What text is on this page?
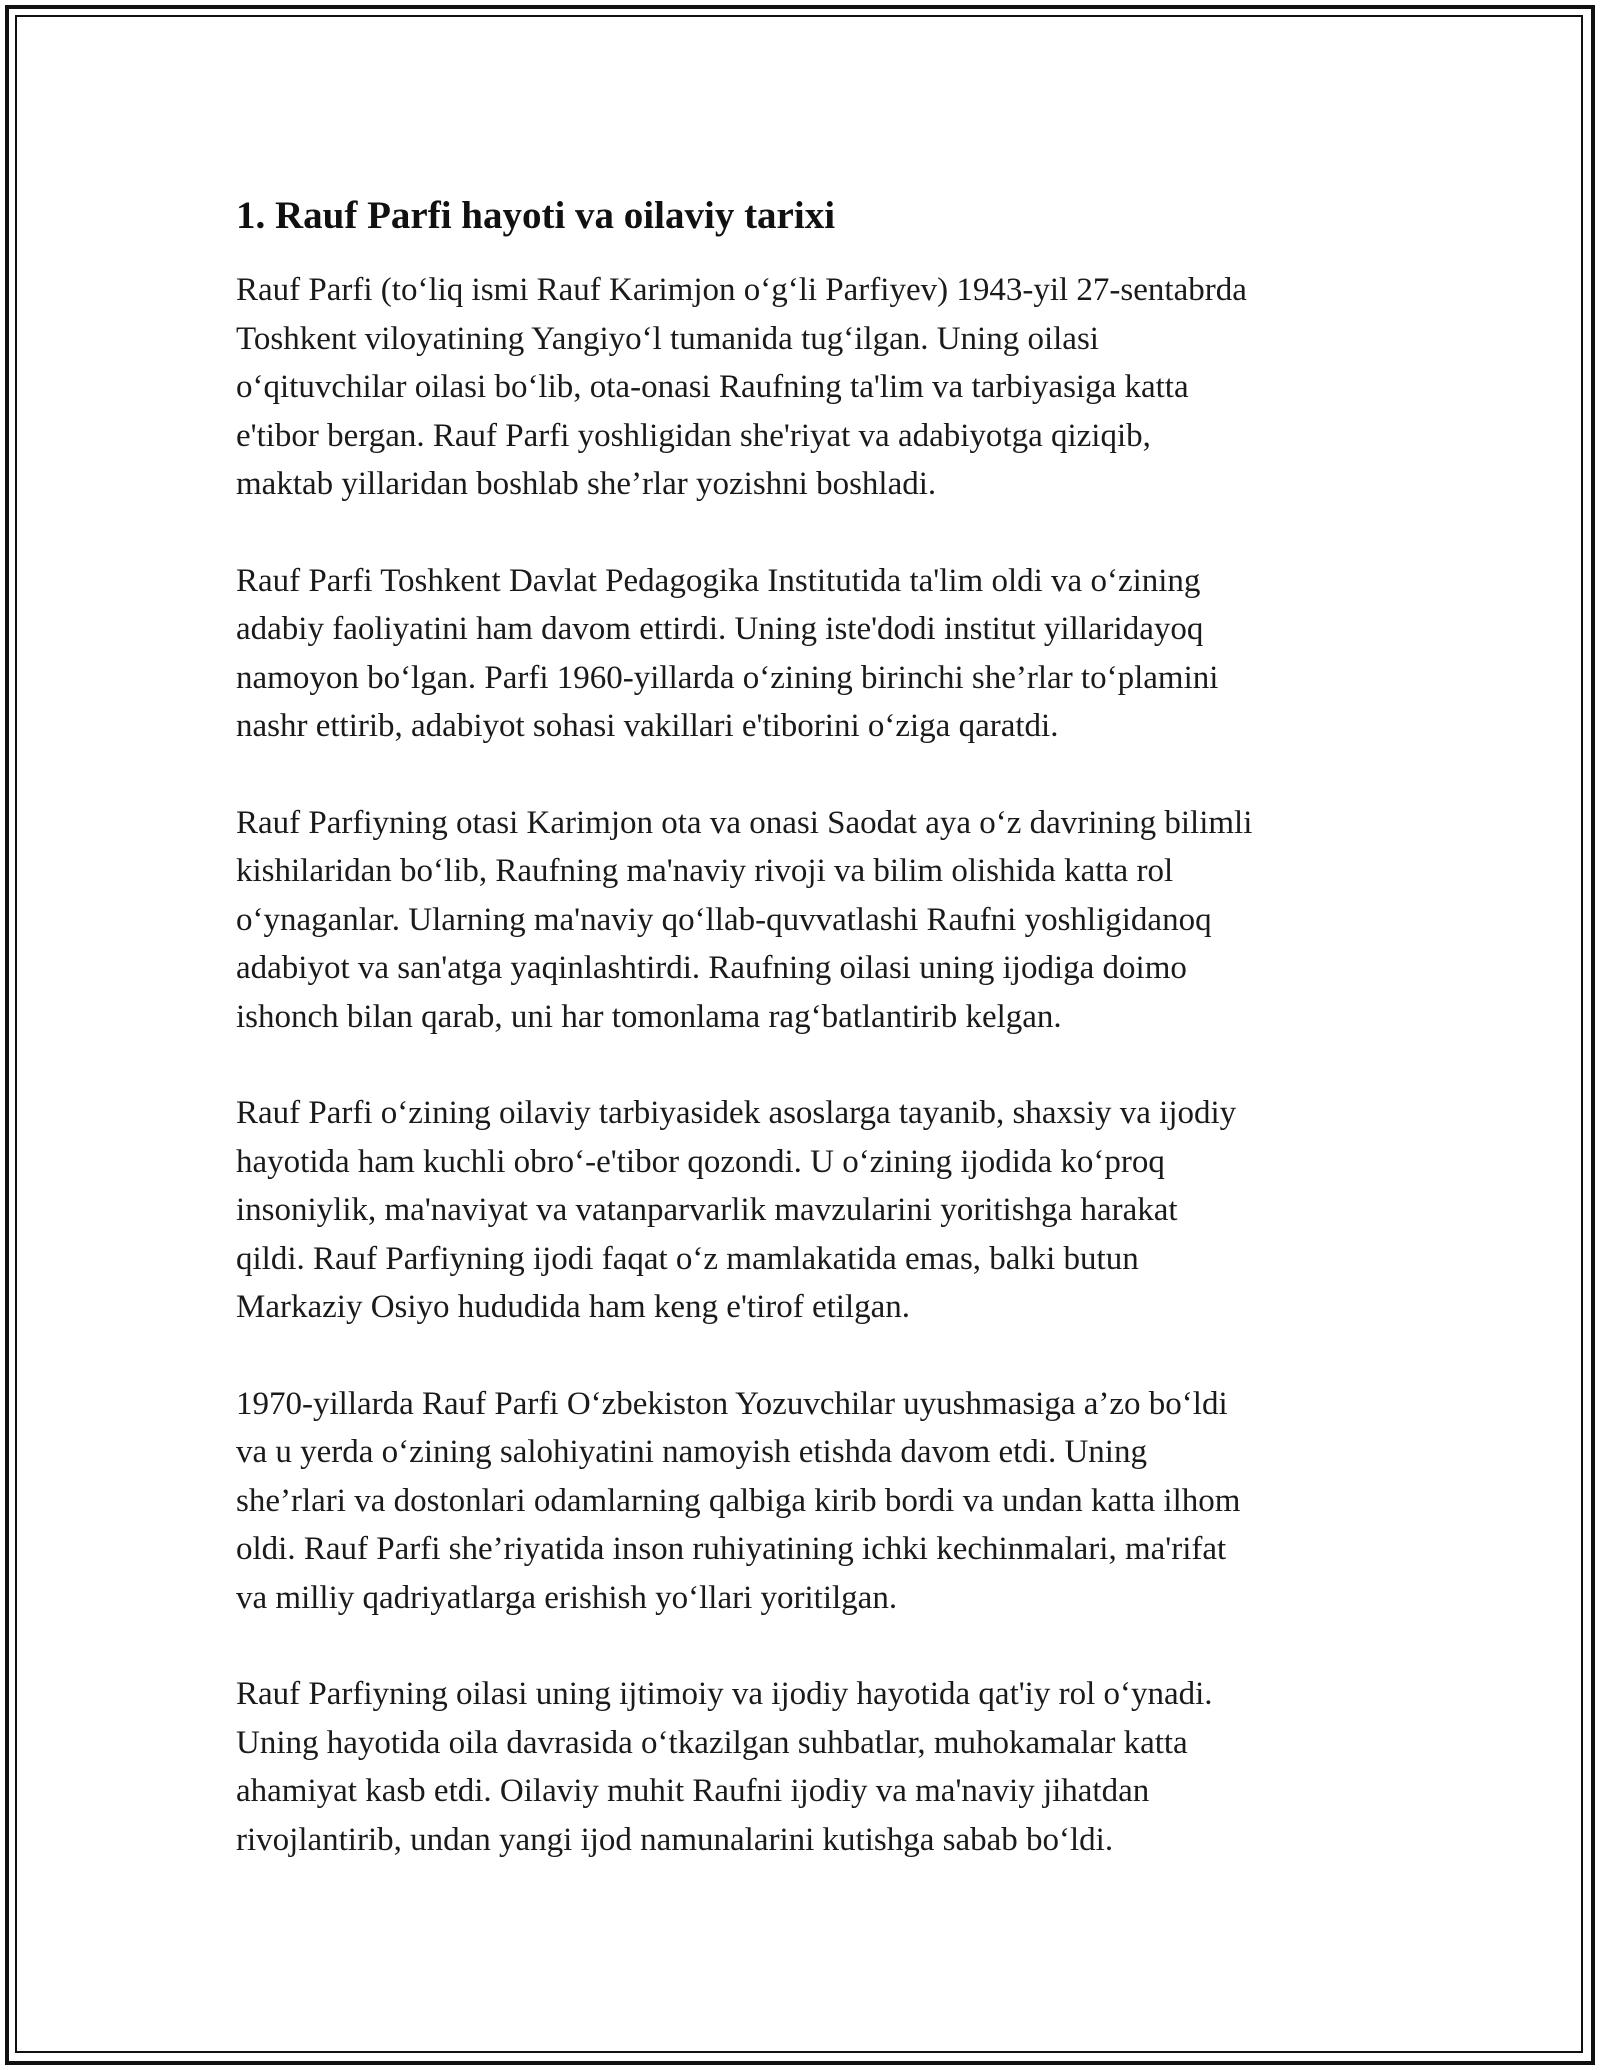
1. Rauf Parfi hayoti va oilaviy tarixi

Rauf Parfi (to‘liq ismi Rauf Karimjon o‘g‘li Parfiyev) 1943-yil 27-sentabrda
Toshkent viloyatining Yangiyo‘l tumanida tug‘ilgan. Uning oilasi
o‘qituvchilar oilasi bo‘lib, ota-onasi Raufning ta'lim va tarbiyasiga katta
e'tibor bergan. Rauf Parfi yoshligidan she'riyat va adabiyotga qiziqib,
maktab yillaridan boshlab she’rlar yozishni boshladi.

Rauf Parfi Toshkent Davlat Pedagogika Institutida ta'lim oldi va o‘zining
adabiy faoliyatini ham davom ettirdi. Uning iste'dodi institut yillaridayoq
namoyon bo‘lgan. Parfi 1960-yillarda o‘zining birinchi she’rlar to‘plamini
nashr ettirib, adabiyot sohasi vakillari e'tiborini o‘ziga qaratdi.

Rauf Parfiyning otasi Karimjon ota va onasi Saodat aya o‘z davrining bilimli
kishilaridan bo‘lib, Raufning ma'naviy rivoji va bilim olishida katta rol
o‘ynaganlar. Ularning ma'naviy qo‘llab-quvvatlashi Raufni yoshligidanoq
adabiyot va san'atga yaqinlashtirdi. Raufning oilasi uning ijodiga doimo
ishonch bilan qarab, uni har tomonlama rag‘batlantirib kelgan.

Rauf Parfi o‘zining oilaviy tarbiyasidek asoslarga tayanib, shaxsiy va ijodiy
hayotida ham kuchli obro‘-e'tibor qozondi. U o‘zining ijodida ko‘proq
insoniylik, ma'naviyat va vatanparvarlik mavzularini yoritishga harakat
qildi. Rauf Parfiyning ijodi faqat o‘z mamlakatida emas, balki butun
Markaziy Osiyo hududida ham keng e'tirof etilgan.

1970-yillarda Rauf Parfi O‘zbekiston Yozuvchilar uyushmasiga a’zo bo‘ldi
va u yerda o‘zining salohiyatini namoyish etishda davom etdi. Uning
she’rlari va dostonlari odamlarning qalbiga kirib bordi va undan katta ilhom
oldi. Rauf Parfi she’riyatida inson ruhiyatining ichki kechinmalari, ma'rifat
va milliy qadriyatlarga erishish yo‘llari yoritilgan.

Rauf Parfiyning oilasi uning ijtimoiy va ijodiy hayotida qat'iy rol o‘ynadi.
Uning hayotida oila davrasida o‘tkazilgan suhbatlar, muhokamalar katta
ahamiyat kasb etdi. Oilaviy muhit Raufni ijodiy va ma'naviy jihatdan
rivojlantirib, undan yangi ijod namunalarini kutishga sabab bo‘ldi.
